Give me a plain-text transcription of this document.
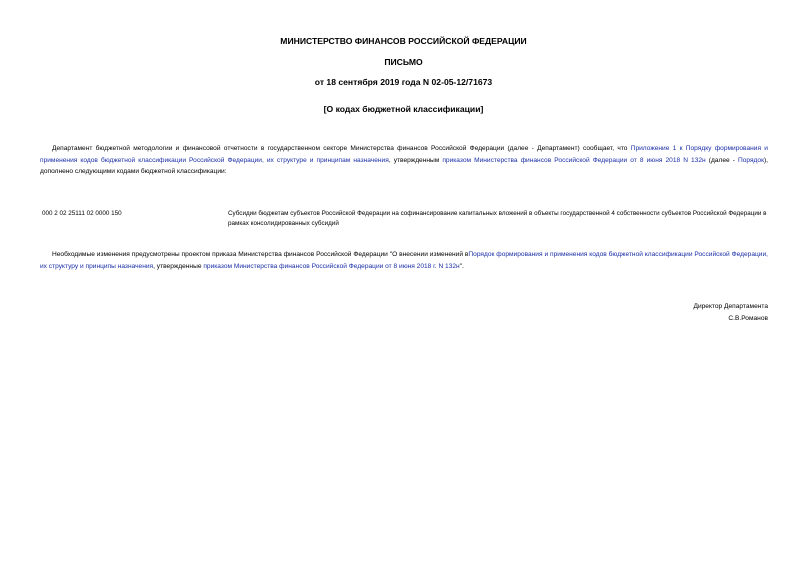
МИНИСТЕРСТВО ФИНАНСОВ РОССИЙСКОЙ ФЕДЕРАЦИИ
ПИСЬМО
от 18 сентября 2019 года N 02-05-12/71673
[О кодах бюджетной классификации]

Департамент бюджетной методологии и финансовой отчетности в государственном секторе Министерства финансов Российской Федерации (далее - Департамент) сообщает, что Приложение 1 к Порядку формирования и применения кодов бюджетной классификации Российской Федерации, их структуре и принципам назначения, утвержденным приказом Министерства финансов Российской Федерации от 8 июня 2018 N 132н (далее - Порядок), дополнено следующими кодами бюджетной классификации:

000 2 02 25111 02 0000 150	Субсидии бюджетам субъектов Российской Федерации на софинансирование капитальных вложений в объекты государственной 4 собственности субъектов Российской Федерации в рамках консолидированных субсидий

Необходимые изменения предусмотрены проектом приказа Министерства финансов Российской Федерации "О внесении изменений вПорядок формирования и применения кодов бюджетной классификации Российской Федерации, их структуру и принципы назначения, утвержденные приказом Министерства финансов Российской Федерации от 8 июня 2018 г. N 132н".

Директор Департамента
С.В.Романов
